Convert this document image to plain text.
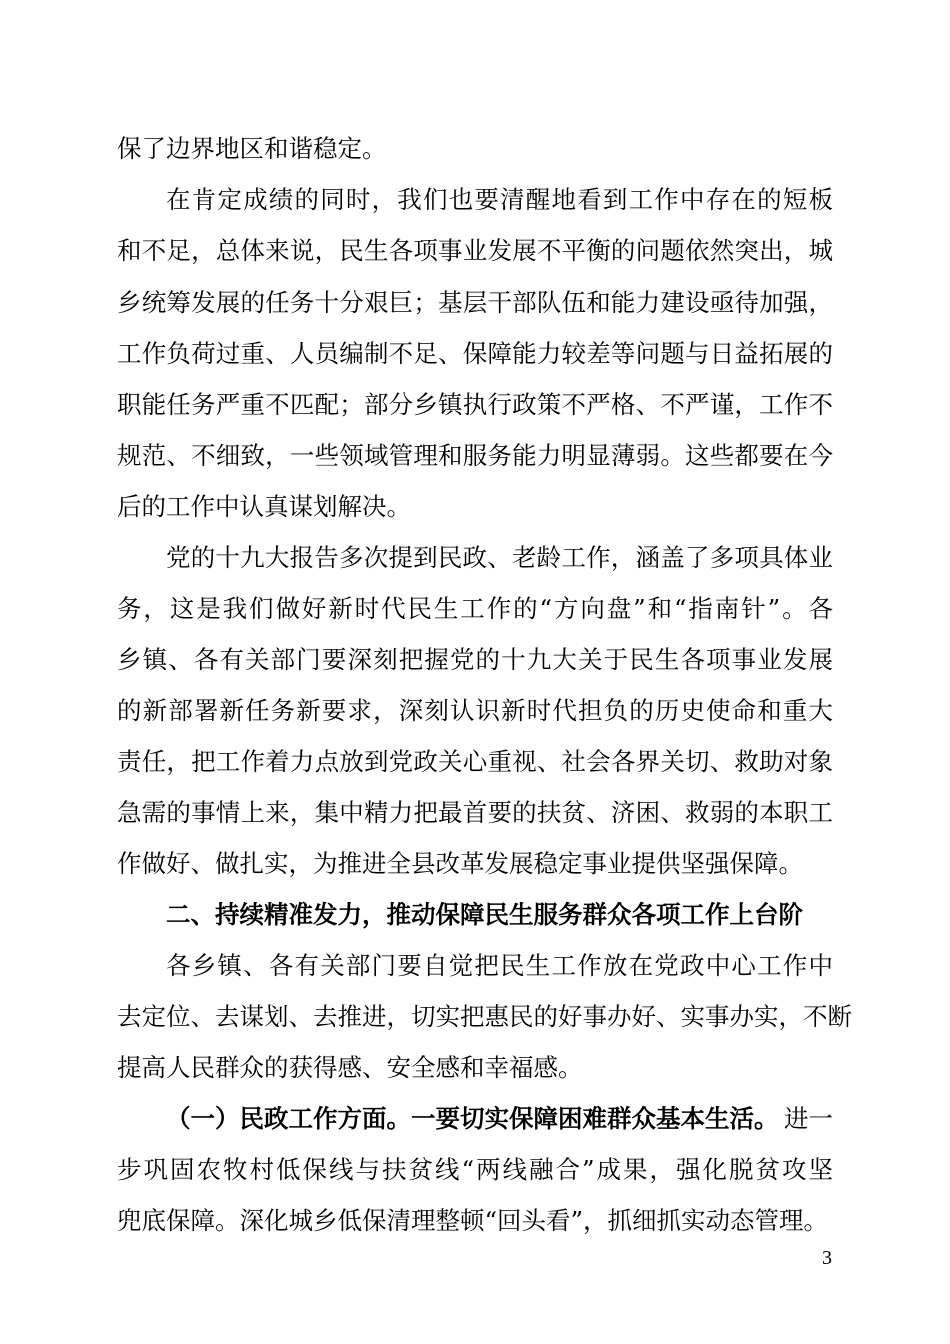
保了边界地区和谐稳定。
在肯定成绩的同时，我们也要清醒地看到工作中存在的短板
和不足，总体来说，民生各项事业发展不平衡的问题依然突出，城
乡统筹发展的任务十分艰巨；基层干部队伍和能力建设亟待加强，
工作负荷过重、人员编制不足、保障能力较差等问题与日益拓展的
职能任务严重不匹配；部分乡镇执行政策不严格、不严谨，工作不
规范、不细致，一些领域管理和服务能力明显薄弱。这些都要在今
后的工作中认真谋划解决。
党的十九大报告多次提到民政、老龄工作，涵盖了多项具体业
务，这是我们做好新时代民生工作的“方向盘”和“指南针”。各
乡镇、各有关部门要深刻把握党的十九大关于民生各项事业发展
的新部署新任务新要求，深刻认识新时代担负的历史使命和重大
责任，把工作着力点放到党政关心重视、社会各界关切、救助对象
急需的事情上来，集中精力把最首要的扶贫、济困、救弱的本职工
作做好、做扎实，为推进全县改革发展稳定事业提供坚强保障。
二、持续精准发力，推动保障民生服务群众各项工作上台阶
各乡镇、各有关部门要自觉把民生工作放在党政中心工作中
去定位、去谋划、去推进，切实把惠民的好事办好、实事办实，不断
提高人民群众的获得感、安全感和幸福感。
（一）民政工作方面。一要切实保障困难群众基本生活。 进一
步巩固农牧村低保线与扶贫线“两线融合”成果，强化脱贫攻坚
兜底保障。深化城乡低保清理整顿“回头看”，抓细抓实动态管理。
3
